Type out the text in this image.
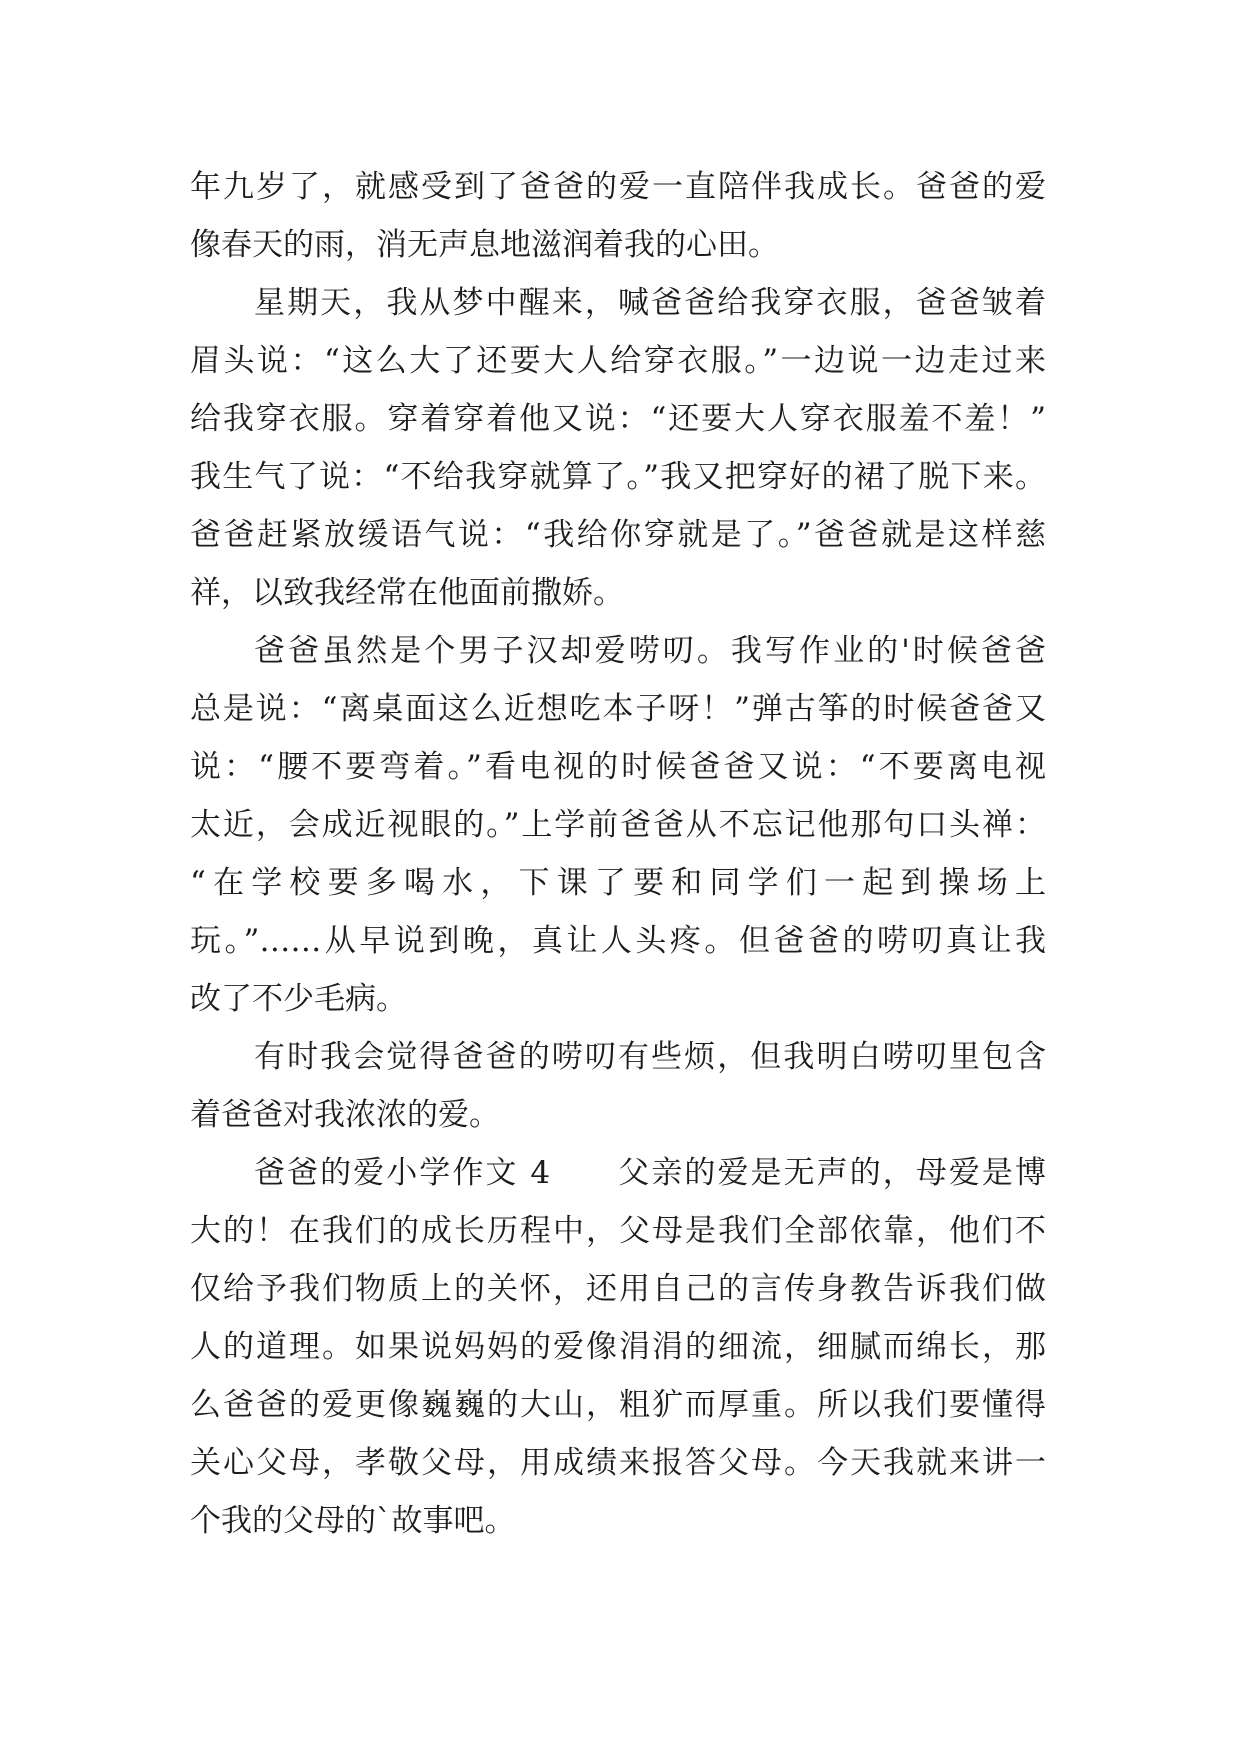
年九岁了，就感受到了爸爸的爱一直陪伴我成长。爸爸的爱
像春天的雨，消无声息地滋润着我的心田。
星期天，我从梦中醒来，喊爸爸给我穿衣服，爸爸皱着
眉头说：“这么大了还要大人给穿衣服。”一边说一边走过来
给我穿衣服。穿着穿着他又说：“还要大人穿衣服羞不羞！”
我生气了说：“不给我穿就算了。”我又把穿好的裙了脱下来。
爸爸赶紧放缓语气说：“我给你穿就是了。”爸爸就是这样慈
祥，以致我经常在他面前撒娇。
爸爸虽然是个男子汉却爱唠叨。我写作业的'时候爸爸
总是说：“离桌面这么近想吃本子呀！”弹古筝的时候爸爸又
说：“腰不要弯着。”看电视的时候爸爸又说：“不要离电视
太近，会成近视眼的。”上学前爸爸从不忘记他那句口头禅：
“在学校要多喝水，下课了要和同学们一起到操场上
玩。”……从早说到晚，真让人头疼。但爸爸的唠叨真让我
改了不少毛病。
有时我会觉得爸爸的唠叨有些烦，但我明白唠叨里包含
着爸爸对我浓浓的爱。
爸爸的爱小学作文 4　　父亲的爱是无声的，母爱是博
大的！在我们的成长历程中，父母是我们全部依靠，他们不
仅给予我们物质上的关怀，还用自己的言传身教告诉我们做
人的道理。如果说妈妈的爱像涓涓的细流，细腻而绵长，那
么爸爸的爱更像巍巍的大山，粗犷而厚重。所以我们要懂得
关心父母，孝敬父母，用成绩来报答父母。今天我就来讲一
个我的父母的`故事吧。
